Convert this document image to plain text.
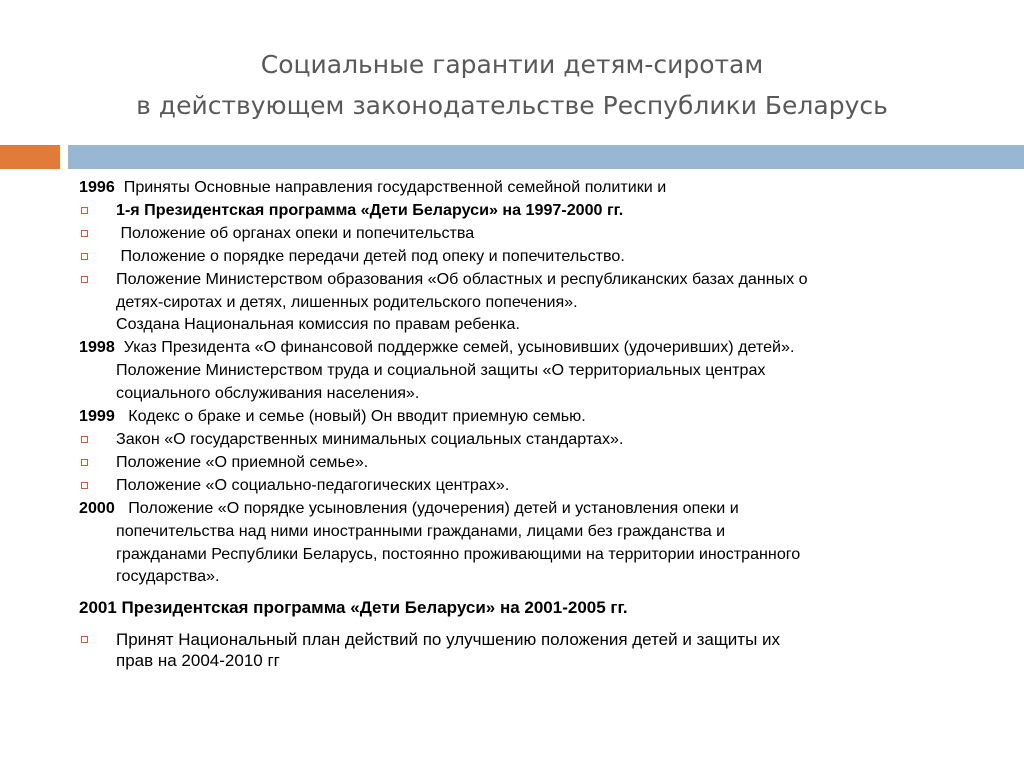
Социальные гарантии детям-сиротам
в действующем законодательстве Республики Беларусь
1996 Приняты Основные направления государственной семейной политики и
1-я Президентская программа «Дети Беларуси» на 1997-2000 гг.
Положение об органах опеки и попечительства
Положение о порядке передачи детей под опеку и попечительство.
Положение Министерством образования «Об областных и республиканских базах данных о
детях-сиротах и детях, лишенных родительского попечения».
Создана Национальная комиссия по правам ребенка.
1998 Указ Президента «О финансовой поддержке семей, усыновивших (удочеривших) детей».
Положение Министерством труда и социальной защиты «О территориальных центрах
социального обслуживания населения».
1999 Кодекс о браке и семье (новый) Он вводит приемную семью.
Закон «О государственных минимальных социальных стандартах».
Положение «О приемной семье».
Положение «О социально-педагогических центрах».
2000 Положение «О порядке усыновления (удочерения) детей и установления опеки и
попечительства над ними иностранными гражданами, лицами без гражданства и
гражданами Республики Беларусь, постоянно проживающими на территории иностранного
государства».
2001 Президентская программа «Дети Беларуси» на 2001-2005 гг.
Принят Национальный план действий по улучшению положения детей и защиты их
прав на 2004-2010 гг
